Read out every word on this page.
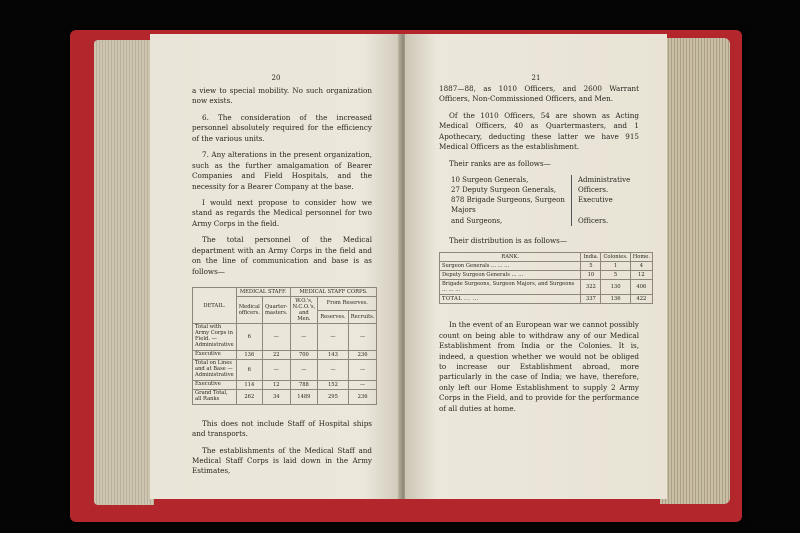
20

a view to special mobility. No such organization now exists.

6. The consideration of the increased personnel absolutely required for the efficiency of the various units.

7. Any alterations in the present organization, such as the further amalgamation of Bearer Companies and Field Hospitals, and the necessity for a Bearer Company at the base.

I would next propose to consider how we stand as regards the Medical personnel for two Army Corps in the field.

The total personnel of the Medical department with an Army Corps in the field and on the line of communication and base is as follows—

DETAIL.	MEDICAL STAFF.		MEDICAL STAFF CORPS.		
	Medical officers.	Quarter-masters.	W.O.'s, N.C.O.'s, and Men.	From Reserves.	
				Reserves.	Recruits.
Total with Army Corps in Field. — Administrative	6	—	—	—	—
Executive	136	22	700	143	236
Total on Lines and at Base — Administrative	6	—	—	—	—
Executive	114	12	788	152	—
Grand Total, all Ranks	262	34	1489	295	236

This does not include Staff of Hospital ships and transports.

The establishments of the Medical Staff and Medical Staff Corps is laid down in the Army Estimates,

21

1887—88, as 1010 Officers, and 2600 Warrant Officers, Non-Commissioned Officers, and Men.

Of the 1010 Officers, 54 are shown as Acting Medical Officers, 40 as Quartermasters, and 1 Apothecary, deducting these latter we have 915 Medical Officers as the establishment.

Their ranks are as follows—

10 Surgeon Generals,	Administrative
27 Deputy Surgeon Generals,	Officers.
878 Brigade Surgeons, Surgeon Majors
Executive
and Surgeons,	Officers.

Their distribution is as follows—

RANK.	India.	Colonies.	Home.
Surgeon Generals ... ... ...	5	1	4
Deputy Surgeon Generals ... ...	10	5	12
Brigade Surgeons, Surgeon Majors, and Surgeons ... ... ...	322	130	406
TOTAL ... ...	337	136	422

In the event of an European war we cannot possibly count on being able to withdraw any of our Medical Establishment from India or the Colonies. It is, indeed, a question whether we would not be obliged to increase our Establishment abroad, more particularly in the case of India; we have, therefore, only left our Home Establishment to supply 2 Army Corps in the Field, and to provide for the performance of all duties at home.
